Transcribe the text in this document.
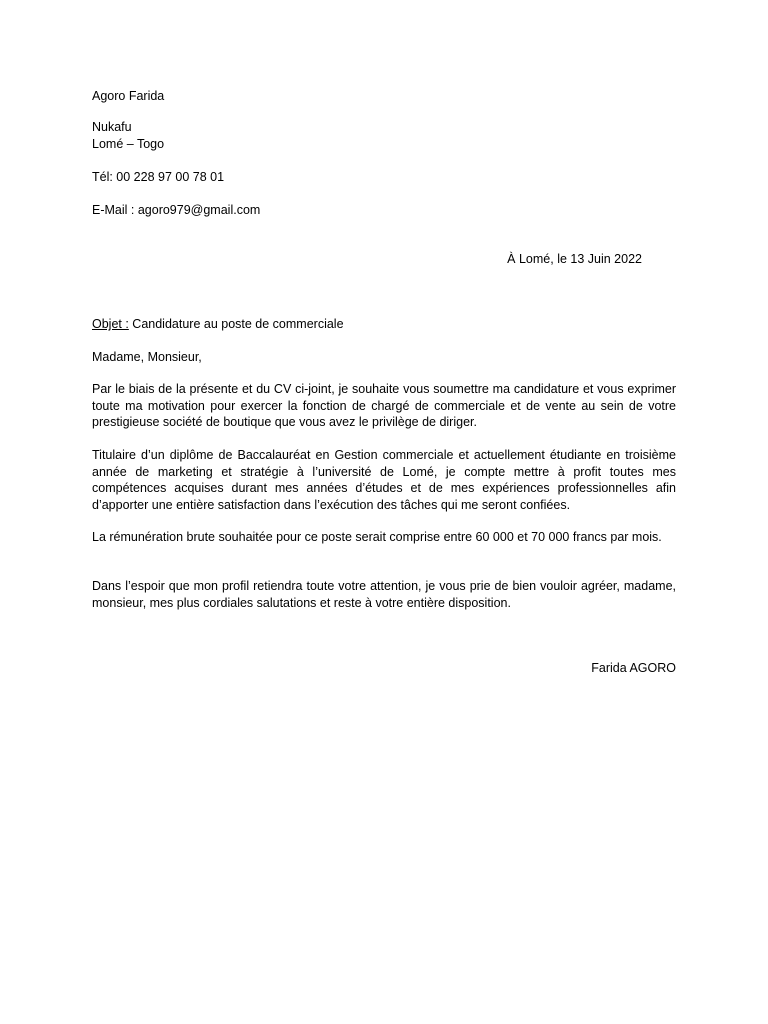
Agoro Farida
Nukafu
Lomé – Togo
Tél: 00 228 97 00 78 01
E-Mail : agoro979@gmail.com
À Lomé, le 13 Juin 2022
Objet : Candidature au poste de commerciale
Madame, Monsieur,
Par le biais de la présente et du CV ci-joint, je souhaite vous soumettre ma candidature et vous exprimer toute ma motivation pour exercer la fonction de chargé de commerciale et de vente au sein de votre prestigieuse société de boutique que vous avez le privilège de diriger.
Titulaire d’un diplôme de Baccalauréat en Gestion commerciale et actuellement étudiante en troisième année de marketing et stratégie à l’université de Lomé, je compte mettre à profit toutes mes compétences acquises durant mes années d’études et de mes expériences professionnelles afin d’apporter une entière satisfaction dans l’exécution des tâches qui me seront confiées.
La rémunération brute souhaitée pour ce poste serait comprise entre 60 000 et 70 000 francs par mois.
Dans l’espoir que mon profil retiendra toute votre attention, je vous prie de bien vouloir agréer, madame, monsieur, mes plus cordiales salutations et reste à votre entière disposition.
Farida AGORO
